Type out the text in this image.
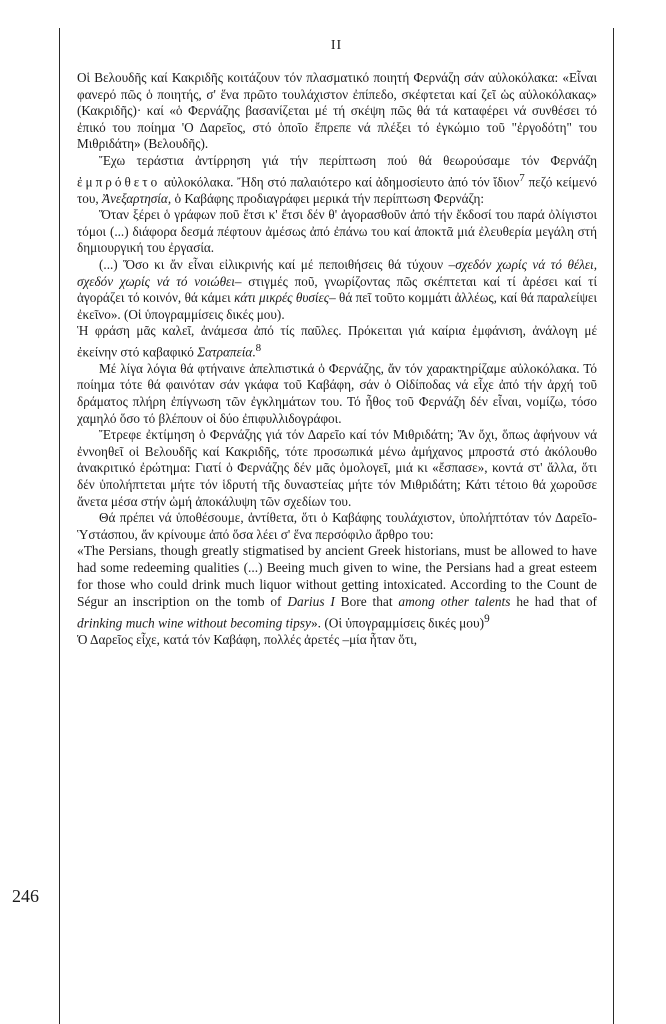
II
246

Οἱ Βελουδῆς καί Κακριδῆς κοιτάζουν τόν πλασματικό ποιητή Φερνάζη σάν αὐλοκόλακα: «Εἶναι φανερό πῶς ὁ ποιητής, σ' ἕνα πρῶτο τουλάχιστον ἐπίπεδο, σκέφτεται καί ζεῖ ὡς αὐλοκόλακας» (Κακριδῆς)· καί «ὁ Φερνάζης βασανίζεται μέ τή σκέψη πῶς θά τά καταφέρει νά συνθέσει τό ἐπικό του ποίημα 'Ο Δαρεῖος, στό ὁποῖο ἔπρεπε νά πλέξει τό ἐγκώμιο τοῦ "ἐργοδότη" του Μιθριδάτη» (Βελουδῆς).

Ἔχω τεράστια ἀντίρρηση γιά τήν περίπτωση πού θά θεωρούσαμε τόν Φερνάζη ἐμπρόθετο αὐλοκόλακα. Ἤδη στό παλαιότερο καί ἀδημοσίευτο ἀπό τόν ἴδιον$^7$ πεζό κείμενό του, Ἀνεξαρτησία, ὁ Καβάφης προδιαγράφει μερικά τήν περίπτωση Φερνάζη:

Ὅταν ξέρει ὁ γράφων ποῦ ἔτσι κ' ἔτσι δέν θ' ἀγορασθοῦν ἀπό τήν ἔκδοσί του παρά ὀλίγιστοι τόμοι (...) διάφορα δεσμά πέφτουν ἀμέσως ἀπό ἐπάνω του καί ἀποκτᾶ μιά ἐλευθερία μεγάλη στή δημιουργική του ἐργασία.

(...) Ὅσο κι ἄν εἶναι εἰλικρινής καί μέ πεποιθήσεις θά τύχουν –σχεδόν χωρίς νά τό θέλει, σχεδόν χωρίς νά τό νοιώθει– στιγμές ποῦ, γνωρίζοντας πῶς σκέπτεται καί τί ἀρέσει καί τί ἀγοράζει τό κοινόν, θά κάμει κάτι μικρές θυσίες– θά πεῖ τοῦτο κομμάτι ἀλλέως, καί θά παραλείψει ἐκεῖνο». (Οἱ ὑπογραμμίσεις δικές μου).

Ἡ φράση μᾶς καλεῖ, ἀνάμεσα ἀπό τίς παῦλες. Πρόκειται γιά καίρια ἐμφάνιση, ἀνάλογη μέ ἐκείνην στό καβαφικό Σατραπεία.$^8$

Μέ λίγα λόγια θά φτήναινε ἀπελπιστικά ὁ Φερνάζης, ἄν τόν χαρακτηρίζαμε αὐλοκόλακα. Τό ποίημα τότε θά φαινόταν σάν γκάφα τοῦ Καβάφη, σάν ὁ Οἰδίποδας νά εἶχε ἀπό τήν ἀρχή τοῦ δράματος πλήρη ἐπίγνωση τῶν ἐγκλημάτων του. Τό ἦθος τοῦ Φερνάζη δέν εἶναι, νομίζω, τόσο χαμηλό ὅσο τό βλέπουν οἱ δύο ἐπιφυλλιδογράφοι.

Ἔτρεφε ἐκτίμηση ὁ Φερνάζης γιά τόν Δαρεῖο καί τόν Μιθριδάτη; Ἄν ὄχι, ὅπως ἀφήνουν νά ἐννοηθεῖ οἱ Βελουδῆς καί Κακριδῆς, τότε προσωπικά μένω ἀμήχανος μπροστά στό ἀκόλουθο ἀνακριτικό ἐρώτημα: Γιατί ὁ Φερνάζης δέν μᾶς ὁμολογεῖ, μιά κι «ἔσπασε», κοντά στ' ἄλλα, ὅτι δέν ὑπολήπτεται μήτε τόν ἱδρυτή τῆς δυναστείας μήτε τόν Μιθριδάτη; Κάτι τέτοιο θά χωροῦσε ἄνετα μέσα στήν ὠμή ἀποκάλυψη τῶν σχεδίων του.

Θά πρέπει νά ὑποθέσουμε, ἀντίθετα, ὅτι ὁ Καβάφης τουλάχιστον, ὑπολήπτόταν τόν Δαρεῖο-Ὑστάσπου, ἄν κρίνουμε ἀπό ὅσα λέει σ' ἕνα περσόφιλο ἄρθρο του:

«The Persians, though greatly stigmatised by ancient Greek historians, must be allowed to have had some redeeming qualities (...) Beeing much given to wine, the Persians had a great esteem for those who could drink much liquor without getting intoxicated. According to the Count de Ségur an inscription on the tomb of Darius I Bore that among other talents he had that of drinking much wine without becoming tipsy». (Οἱ ὑπογραμμίσεις δικές μου)$^9$

Ὁ Δαρεῖος εἶχε, κατά τόν Καβάφη, πολλές ἀρετές –μία ἦταν ὅτι,
